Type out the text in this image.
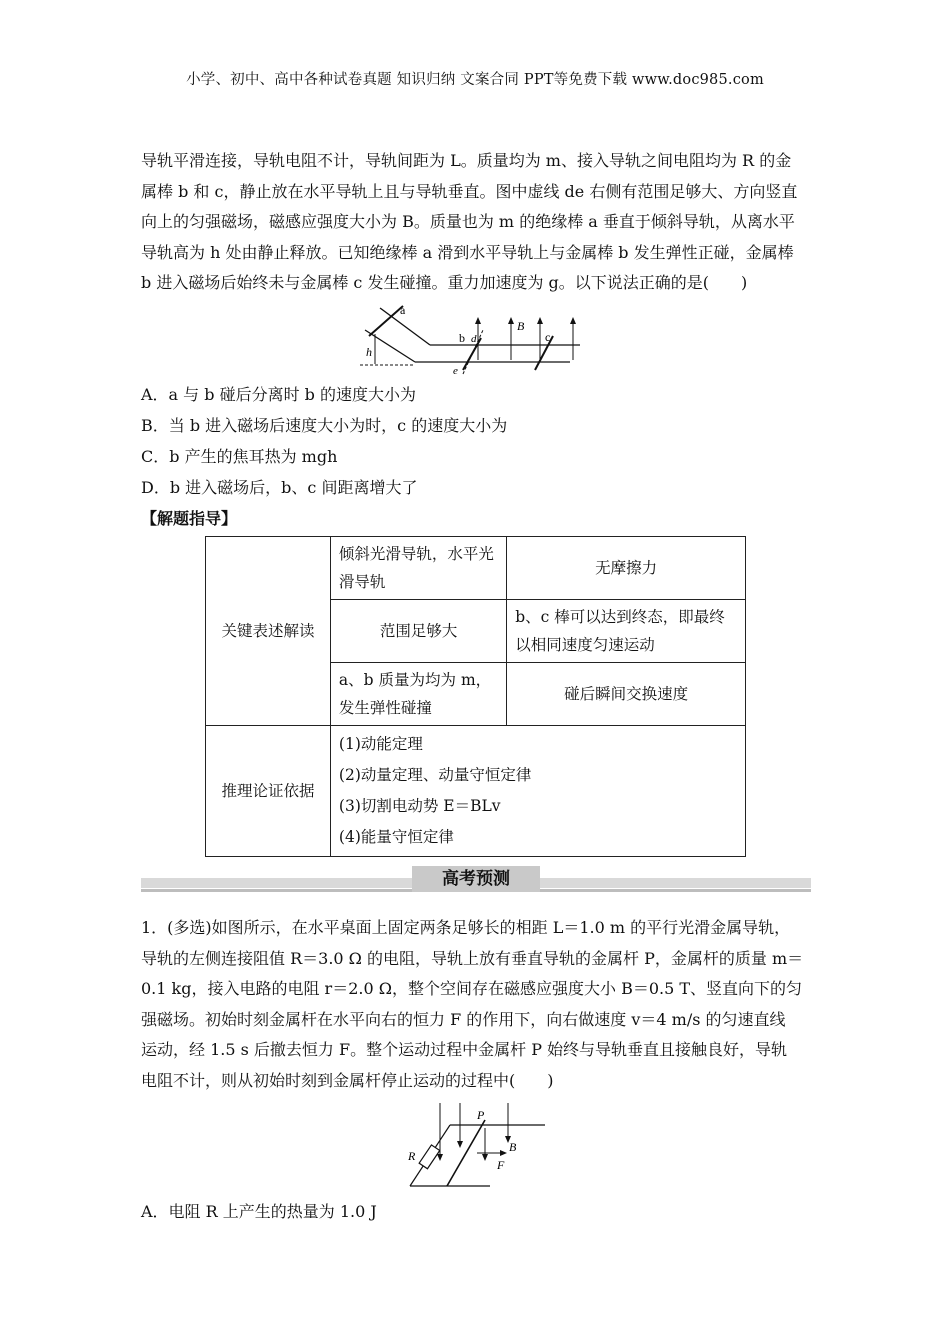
小学、初中、高中各种试卷真题 知识归纳 文案合同 PPT等免费下载 www.doc985.com
导轨平滑连接，导轨电阻不计，导轨间距为 L。质量均为 m、接入导轨之间电阻均为 R 的金
属棒 b 和 c，静止放在水平导轨上且与导轨垂直。图中虚线 de 右侧有范围足够大、方向竖直
向上的匀强磁场，磁感应强度大小为 B。质量也为 m 的绝缘棒 a 垂直于倾斜导轨，从离水平
导轨高为 h 处由静止释放。已知绝缘棒 a 滑到水平导轨上与金属棒 b 发生弹性正碰，金属棒
b 进入磁场后始终未与金属棒 c 发生碰撞。重力加速度为 g。以下说法正确的是(　　)
a
h
b d
e
B
c
A．a 与 b 碰后分离时 b 的速度大小为
B．当 b 进入磁场后速度大小为时，c 的速度大小为
C．b 产生的焦耳热为 mgh
D．b 进入磁场后，b、c 间距离增大了
【解题指导】
关键表述解读	倾斜光滑导轨，水平光滑导轨	无摩擦力
	范围足够大	b、c 棒可以达到终态，即最终以相同速度匀速运动
	a、b 质量为均为 m，发生弹性碰撞	碰后瞬间交换速度
推理论证依据	(1)动能定理
(2)动量定理、动量守恒定律
(3)切割电动势 E＝BLv
(4)能量守恒定律	
高考预测
1．(多选)如图所示，在水平桌面上固定两条足够长的相距 L＝1.0 m 的平行光滑金属导轨，
导轨的左侧连接阻值 R＝3.0 Ω 的电阻，导轨上放有垂直导轨的金属杆 P，金属杆的质量 m＝
0.1 kg，接入电路的电阻 r＝2.0 Ω，整个空间存在磁感应强度大小 B＝0.5 T、竖直向下的匀
强磁场。初始时刻金属杆在水平向右的恒力 F 的作用下，向右做速度 v＝4 m/s 的匀速直线
运动，经 1.5 s 后撤去恒力 F。整个运动过程中金属杆 P 始终与导轨垂直且接触良好，导轨
电阻不计，则从初始时刻到金属杆停止运动的过程中(　　)
P
B
R
F
A．电阻 R 上产生的热量为 1.0 J
